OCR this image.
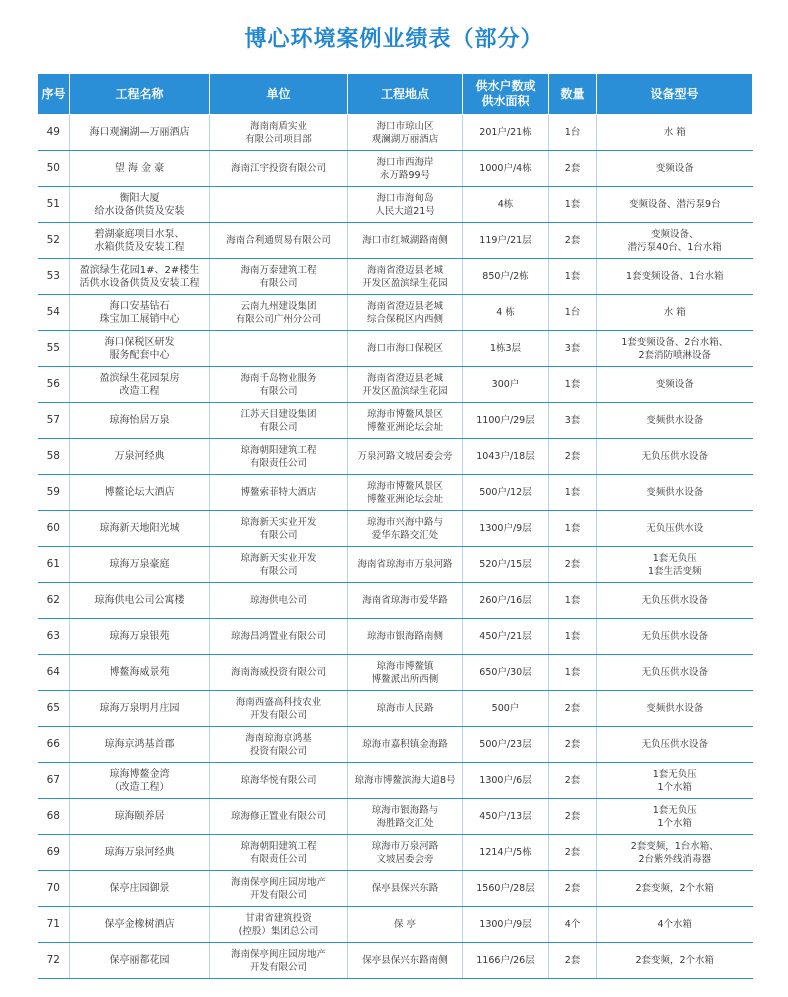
博心环境案例业绩表（部分）
序号	工程名称	单位	工程地点	供水户数或
供水面积	数量	设备型号
49	海口观澜湖—万丽酒店	海南南盾实业
有限公司项目部	海口市琼山区
观澜湖万丽酒店	201户/21栋	1台	水 箱
50	望 海 金 豪	海南江宇投资有限公司	海口市西海岸
永万路99号	1000户/4栋	2套	变频设备
51	衡阳大厦
给水设备供货及安装		海口市海甸岛
人民大道21号	4栋	1套	变频设备、潜污泵9台
52	碧湖豪庭项目水泵、
水箱供货及安装工程	海南合利通贸易有限公司	海口市红城湖路南侧	119户/21层	2套	变频设备、
潜污泵40台、1台水箱
53	盈滨绿生花园1#、2#楼生
活供水设备供货及安装工程	海南万泰建筑工程
有限公司	海南省澄迈县老城
开发区盈滨绿生花园	850户/2栋	1套	1套变频设备、1台水箱
54	海口安基钻石
珠宝加工展销中心	云南九州建设集团
有限公司广州分公司	海南省澄迈县老城
综合保税区内西侧	4 栋	1台	水 箱
55	海口保税区研发
服务配套中心		海口市海口保税区	1栋3层	3套	1套变频设备、2台水箱、
2套消防喷淋设备
56	盈滨绿生花园泵房
改造工程	海南千岛物业服务
有限公司	海南省澄迈县老城
开发区盈滨绿生花园	300户	1套	变频设备
57	琼海怡居万泉	江苏天目建设集团
有限公司	琼海市博鳌风景区
博鳌亚洲论坛会址	1100户/29层	3套	变频供水设备
58	万泉河经典	琼海朝阳建筑工程
有限责任公司	万泉河路文坡居委会旁	1043户/18层	2套	无负压供水设备
59	博鳌论坛大酒店	博鳌索菲特大酒店	琼海市博鳌风景区
博鳌亚洲论坛会址	500户/12层	1套	变频供水设备
60	琼海新天地阳光城	琼海新天实业开发
有限公司	琼海市兴海中路与
爱华东路交汇处	1300户/9层	1套	无负压供水设
61	琼海万泉豪庭	琼海新天实业开发
有限公司	海南省琼海市万泉河路	520户/15层	2套	1套无负压
1套生活变频
62	琼海供电公司公寓楼	琼海供电公司	海南省琼海市爱华路	260户/16层	1套	无负压供水设备
63	琼海万泉银苑	琼海昌鸿置业有限公司	琼海市银海路南侧	450户/21层	1套	无负压供水设备
64	博鳌海威景苑	海南海威投资有限公司	琼海市博鳌镇
博鳌派出所西侧	650户/30层	1套	无负压供水设备
65	琼海万泉明月庄园	海南西盛高科技农业
开发有限公司	琼海市人民路	500户	2套	变频供水设备
66	琼海京鸿基首郡	海南琼海京鸿基
投资有限公司	琼海市嘉积镇金海路	500户/23层	2套	无负压供水设备
67	琼海博鳌金湾
（改造工程）	琼海华悦有限公司	琼海市博鳌滨海大道8号	1300户/6层	2套	1套无负压
1个水箱
68	琼海颐养居	琼海修正置业有限公司	琼海市银海路与
海胜路交汇处	450户/13层	2套	1套无负压
1个水箱
69	琼海万泉河经典	琼海朝阳建筑工程
有限责任公司	琼海市万泉河路
文坡居委会旁	1214户/5栋	2套	2套变频，1台水箱、
2台紫外线消毒器
70	保亭庄园御景	海南保亭闽庄园房地产
开发有限公司	保亭县保兴东路	1560户/28层	2套	2套变频，2个水箱
71	保亭金橡树酒店	甘肃省建筑投资
(控股）集团总公司	保 亭	1300户/9层	4个	4个水箱
72	保亭丽都花园	海南保亭闽庄园房地产
开发有限公司	保亭县保兴东路南侧	1166户/26层	2套	2套变频，2个水箱
